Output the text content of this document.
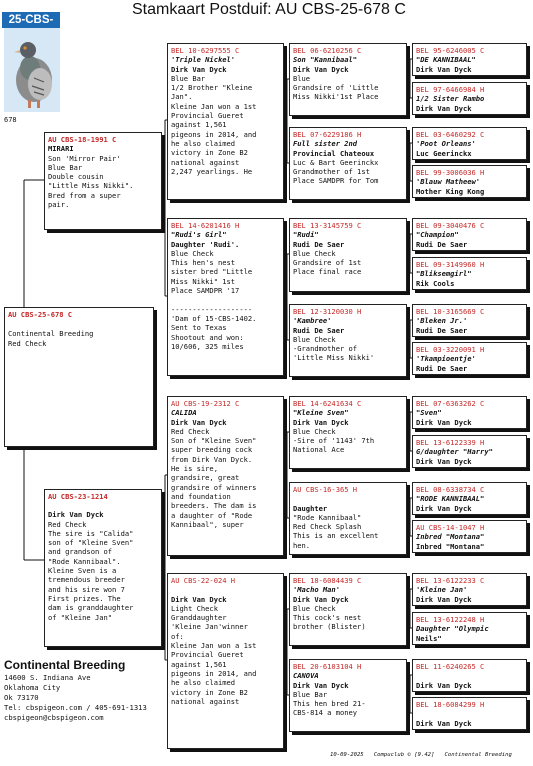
Stamkaart Postduif: AU CBS-25-678 C
25-CBS-
678
AU CBS-25-678 C
Continental Breeding
Red Check
AU CBS-18-1991 C
MIRARI
Son 'Mirror Pair'
Blue Bar
Double cousin
"Little Miss Nikki".
Bred from a super
pair.
AU CBS-23-1214
Dirk Van Dyck
Red Check
The sire is "Calida"
son of "Kleine Sven"
and grandson of
"Rode Kannibaal".
Kleine Sven is a
tremendous breeder
and his sire won 7
First prizes. The
dam is granddaughter
of "Kleine Jan"
BEL 10-6297555 C
'Triple Nickel'
Dirk Van Dyck
Blue Bar
1/2 Brother "Kleine
Jan".
Kleine Jan won a 1st
Provincial Gueret
against 1,561
pigeons in 2014, and
he also claimed
victory in Zone B2
national against
2,247 yearlings. He
BEL 14-6201416 H
"Rudi's Girl"
Daughter 'Rudi'.
Blue Check
This hen's nest
sister bred "Little
Miss Nikki" 1st
Place SAMDPR '17

-------------------
'Dam of 15-CBS-1402.
Sent to Texas
Shootout and won:
10/606, 325 miles
AU CBS-19-2312 C
CALIDA
Dirk Van Dyck
Red Check
Son of "Kleine Sven"
super breeding cock
from Dirk Van Dyck.
He is sire,
grandsire, great
grandsire of winners
and foundation
breeders. The dam is
a daughter of "Rode
Kannibaal", super
AU CBS-22-024 H

Dirk Van Dyck
Light Check
Granddaughter
'Kleine Jan'winner
of:
Kleine Jan won a 1st
Provincial Gueret
against 1,561
pigeons in 2014, and
he also claimed
victory in Zone B2
national against
BEL 06-6210256 C
Son "Kannibaal"
Dirk Van Dyck
Blue
Grandsire of 'Little
Miss Nikki'1st Place
BEL 07-6229186 H
Full sister 2nd
Provincial Chateoux
Luc & Bart Geerinckx
Grandmother of 1st
Place SAMDPR for Tom
BEL 13-3145759 C
"Rudi"
Rudi De Saer
Blue Check
Grandsire of 1st
Place final race
BEL 12-3120030 H
'Kambree'
Rudi De Saer
Blue Check
-Grandmother of
'Little Miss Nikki'
BEL 14-6241634 C
"Kleine Sven"
Dirk Van Dyck
Blue Check
-Sire of '1143' 7th
National Ace
AU CBS-16-365 H

Daughter
"Rode Kannibaal"
Red Check Splash
This is an excellent
hen.
BEL 18-6084439 C
'Macho Man'
Dirk Van Dyck
Blue Check
This cock's nest
brother (Blister)
BEL 20-6103104 H
CANOVA
Dirk Van Dyck
Blue Bar
This hen bred 21-
CBS-814 a money
BEL 95-6246005 C
"DE KANNIBAAL"
Dirk Van Dyck
BEL 97-6466984 H
1/2 Sister Rambo
Dirk Van Dyck
BEL 03-6460292 C
'Poot Orleans'
Luc Geerinckx
BEL 99-3006036 H
'Blauw Matheew'
Mother King Kong
BEL 09-3040476 C
"Champion"
Rudi De Saer
BEL 09-3149960 H
"Bliksemgirl"
Rik Cools
BEL 10-3165669 C
'Bleken Jr.'
Rudi De Saer
BEL 03-3220091 H
'Tkampioentje'
Rudi De Saer
BEL 07-6363262 C
"Sven"
Dirk Van Dyck
BEL 13-6122339 H
G/daughter "Harry"
Dirk Van Dyck
BEL 08-6338734 C
"RODE KANNIBAAL"
Dirk Van Dyck
AU CBS-14-1047 H
Inbred "Montana"
Inbred "Montana"
BEL 13-6122233 C
'Kleine Jan'
Dirk Van Dyck
BEL 13-6122248 H
Daughter "Olympic
Neils"
BEL 11-6240265 C

Dirk Van Dyck
BEL 18-6084299 H

Dirk Van Dyck
Continental Breeding
14600 S. Indiana Ave
Oklahoma City
Ok 73170
Tel: cbspigeon.com / 405-691-1313
cbspigeon@cbspigeon.com
10-09-2025 Compuclub © [9.42] Continental Breeding
